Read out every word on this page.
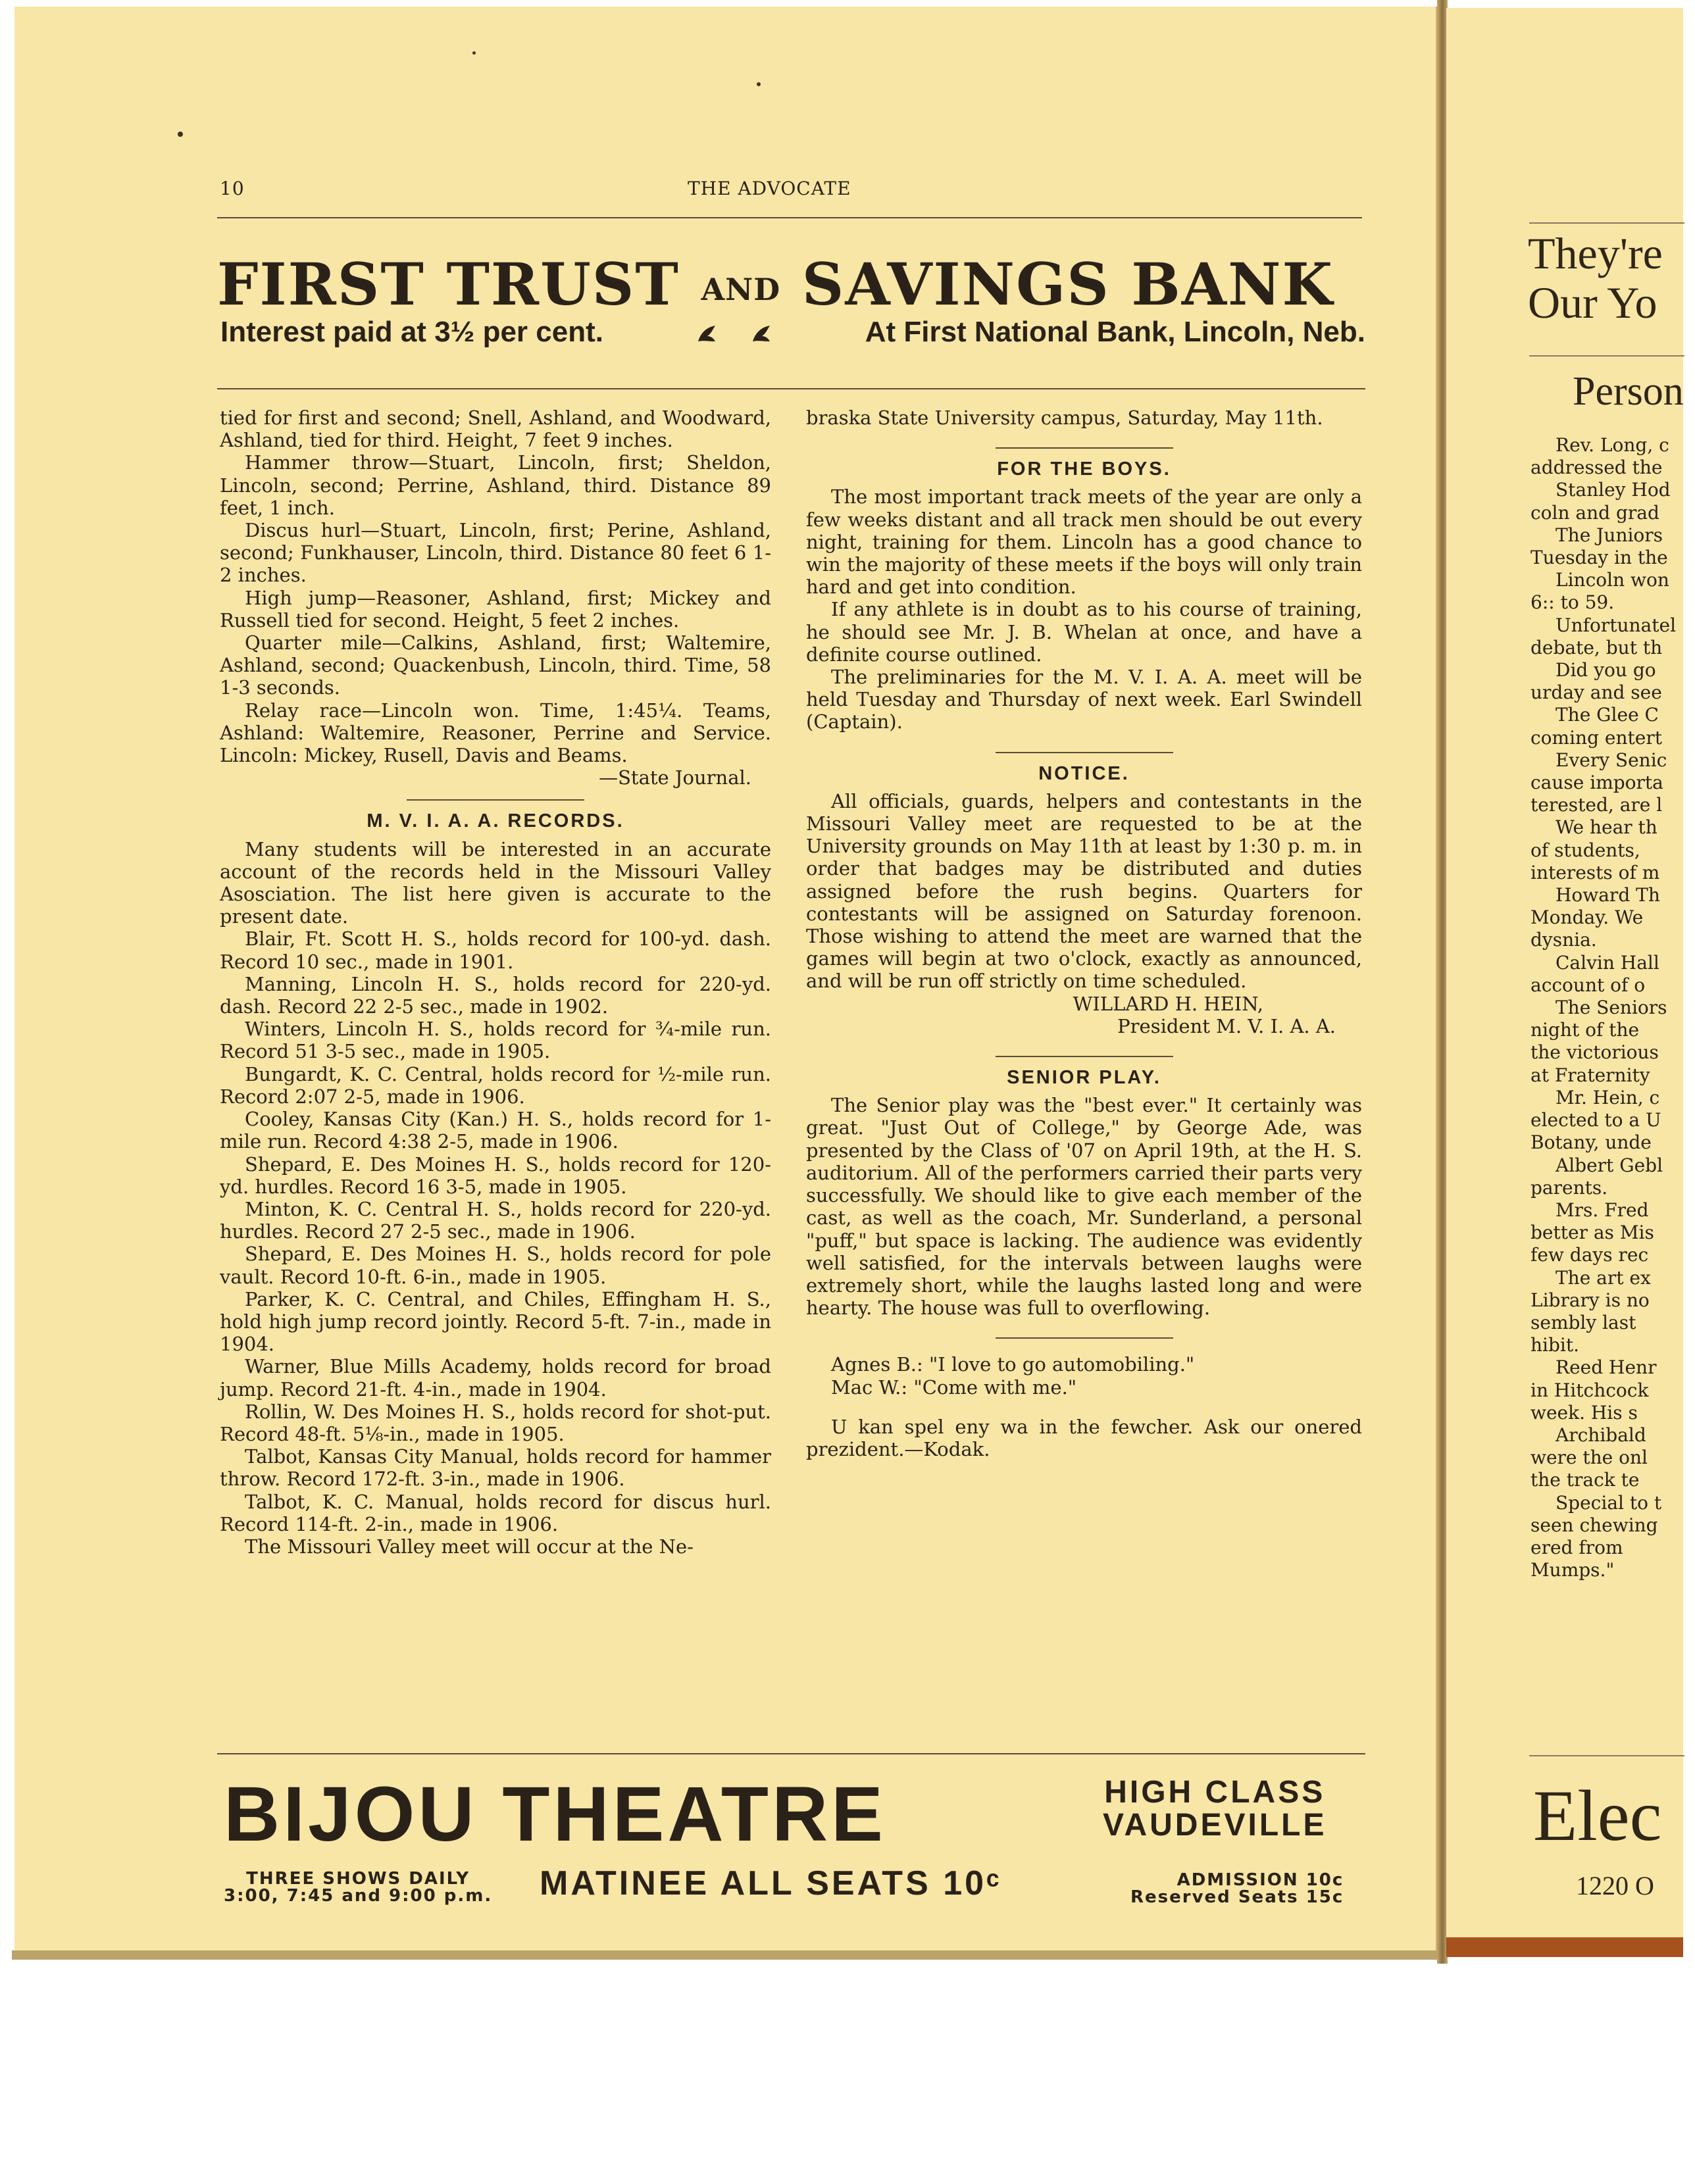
10	THE ADVOCATE
FIRST TRUST AND SAVINGS BANK
Interest paid at 3½ per cent.
	At First National Bank, Lincoln, Neb.

tied for first and second; Snell, Ashland, and Woodward, Ashland, tied for third. Height, 7 feet 9 inches.

Hammer throw—Stuart, Lincoln, first; Sheldon, Lincoln, second; Perrine, Ashland, third. Distance 89 feet, 1 inch.

Discus hurl—Stuart, Lincoln, first; Perine, Ashland, second; Funkhauser, Lincoln, third. Distance 80 feet 6 1-2 inches.

High jump—Reasoner, Ashland, first; Mickey and Russell tied for second. Height, 5 feet 2 inches.

Quarter mile—Calkins, Ashland, first; Waltemire, Ashland, second; Quackenbush, Lincoln, third. Time, 58 1-3 seconds.

Relay race—Lincoln won. Time, 1:45¼. Teams, Ashland: Waltemire, Reasoner, Perrine and Service. Lincoln: Mickey, Rusell, Davis and Beams.

—State Journal.

M. V. I. A. A. RECORDS.

Many students will be interested in an accurate account of the records held in the Missouri Valley Asosciation. The list here given is accurate to the present date.

Blair, Ft. Scott H. S., holds record for 100-yd. dash. Record 10 sec., made in 1901.

Manning, Lincoln H. S., holds record for 220-yd. dash. Record 22 2-5 sec., made in 1902.

Winters, Lincoln H. S., holds record for ¾-mile run. Record 51 3-5 sec., made in 1905.

Bungardt, K. C. Central, holds record for ½-mile run. Record 2:07 2-5, made in 1906.

Cooley, Kansas City (Kan.) H. S., holds record for 1-mile run. Record 4:38 2-5, made in 1906.

Shepard, E. Des Moines H. S., holds record for 120-yd. hurdles. Record 16 3-5, made in 1905.

Minton, K. C. Central H. S., holds record for 220-yd. hurdles. Record 27 2-5 sec., made in 1906.

Shepard, E. Des Moines H. S., holds record for pole vault. Record 10-ft. 6-in., made in 1905.

Parker, K. C. Central, and Chiles, Effingham H. S., hold high jump record jointly. Record 5-ft. 7-in., made in 1904.

Warner, Blue Mills Academy, holds record for broad jump. Record 21-ft. 4-in., made in 1904.

Rollin, W. Des Moines H. S., holds record for shot-put. Record 48-ft. 5⅛-in., made in 1905.

Talbot, Kansas City Manual, holds record for hammer throw. Record 172-ft. 3-in., made in 1906.

Talbot, K. C. Manual, holds record for discus hurl. Record 114-ft. 2-in., made in 1906.

The Missouri Valley meet will occur at the Ne-

braska State University campus, Saturday, May 11th.

FOR THE BOYS.

The most important track meets of the year are only a few weeks distant and all track men should be out every night, training for them. Lincoln has a good chance to win the majority of these meets if the boys will only train hard and get into condition.

If any athlete is in doubt as to his course of training, he should see Mr. J. B. Whelan at once, and have a definite course outlined.

The preliminaries for the M. V. I. A. A. meet will be held Tuesday and Thursday of next week. Earl Swindell (Captain).

NOTICE.

All officials, guards, helpers and contestants in the Missouri Valley meet are requested to be at the University grounds on May 11th at least by 1:30 p. m. in order that badges may be distributed and duties assigned before the rush begins. Quarters for contestants will be assigned on Saturday forenoon. Those wishing to attend the meet are warned that the games will begin at two o'clock, exactly as announced, and will be run off strictly on time scheduled.

WILLARD H. HEIN,

President M. V. I. A. A.

SENIOR PLAY.

The Senior play was the "best ever." It certainly was great. "Just Out of College," by George Ade, was presented by the Class of '07 on April 19th, at the H. S. auditorium. All of the performers carried their parts very successfully. We should like to give each member of the cast, as well as the coach, Mr. Sunderland, a personal "puff," but space is lacking. The audience was evidently well satisfied, for the intervals between laughs were extremely short, while the laughs lasted long and were hearty. The house was full to overflowing.

Agnes B.: "I love to go automobiling."

Mac W.: "Come with me."

U kan spel eny wa in the fewcher. Ask our onered prezident.—Kodak.

BIJOU THEATRE	HIGH CLASS
VAUDEVILLE
THREE SHOWS DAILY
3:00, 7:45 and 9:00 p.m. MATINEE ALL SEATS 10ᶜ	ADMISSION 10c
Reserved Seats 15c
They're
Our Yo
Person
Rev. Long, c
addressed the
Stanley Hod
coln and grad
The Juniors
Tuesday in the
Lincoln won
6:: to 59.
Unfortunatel
debate, but th
Did you go
urday and see
The Glee C
coming entert
Every Senic
cause importa
terested, are l
We hear th
of students,
interests of m
Howard Th
Monday. We
dysnia.
Calvin Hall
account of o
The Seniors
night of the
the victorious
at Fraternity
Mr. Hein, c
elected to a U
Botany, unde
Albert Gebl
parents.
Mrs. Fred
better as Mis
few days rec
The art ex
Library is no
sembly last
hibit.
Reed Henr
in Hitchcock
week. His s
Archibald
were the onl
the track te
Special to t
seen chewing
ered from
Mumps."
Elec
1220 O
